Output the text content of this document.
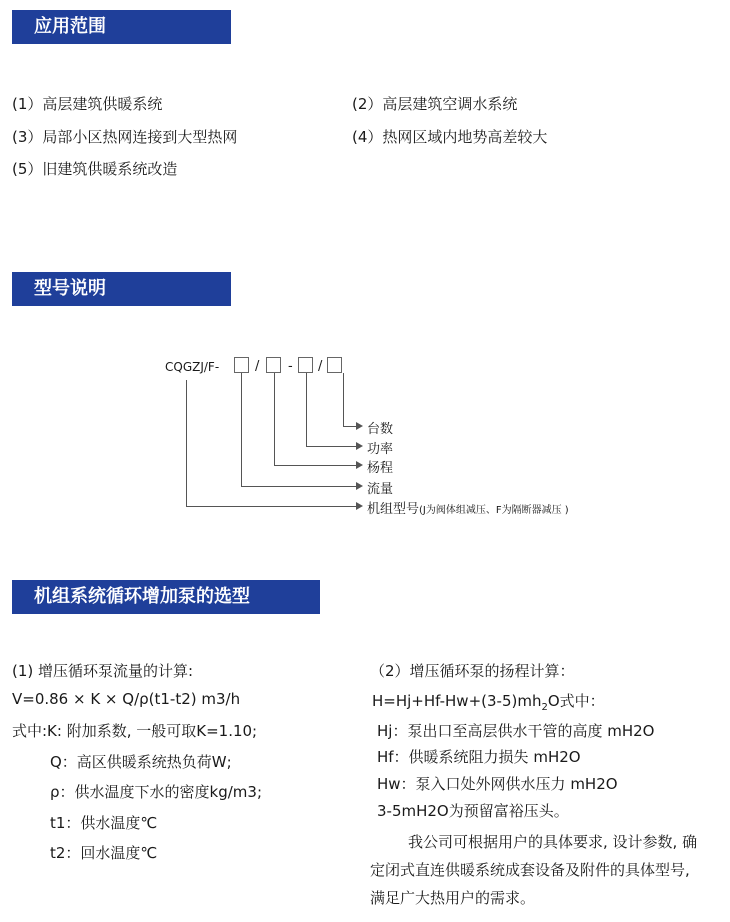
应用范围
(1）高层建筑供暖系统	(2）高层建筑空调水系统
(3）局部小区热网连接到大型热网	(4）热网区域内地势高差较大
(5）旧建筑供暖系统改造
型号说明
CQGZJ/F-	/ - /
台数
功率
杨程
流量
机组型号(J为阀体组减压、F为隔断器减压 )
机组系统循环增加泵的选型
(1) 增压循环泵流量的计算:
V=0.86 × K × Q/ρ(t1-t2) m3/h
式中:K: 附加系数, 一般可取K=1.10;
Q：高区供暖系统热负荷W;
ρ：供水温度下水的密度kg/m3;
t1：供水温度℃
t2：回水温度℃
（2）增压循环泵的扬程计算：
$H=Hj+Hf-Hw+(3-5)mh_2O$式中：
Hj：泵出口至高层供水干管的高度 mH2O
Hf：供暖系统阻力损失 mH2O
Hw：泵入口处外网供水压力 mH2O
3-5mH2O为预留富裕压头。
我公司可根据用户的具体要求, 设计参数, 确
定闭式直连供暖系统成套设备及附件的具体型号,
满足广大热用户的需求。
